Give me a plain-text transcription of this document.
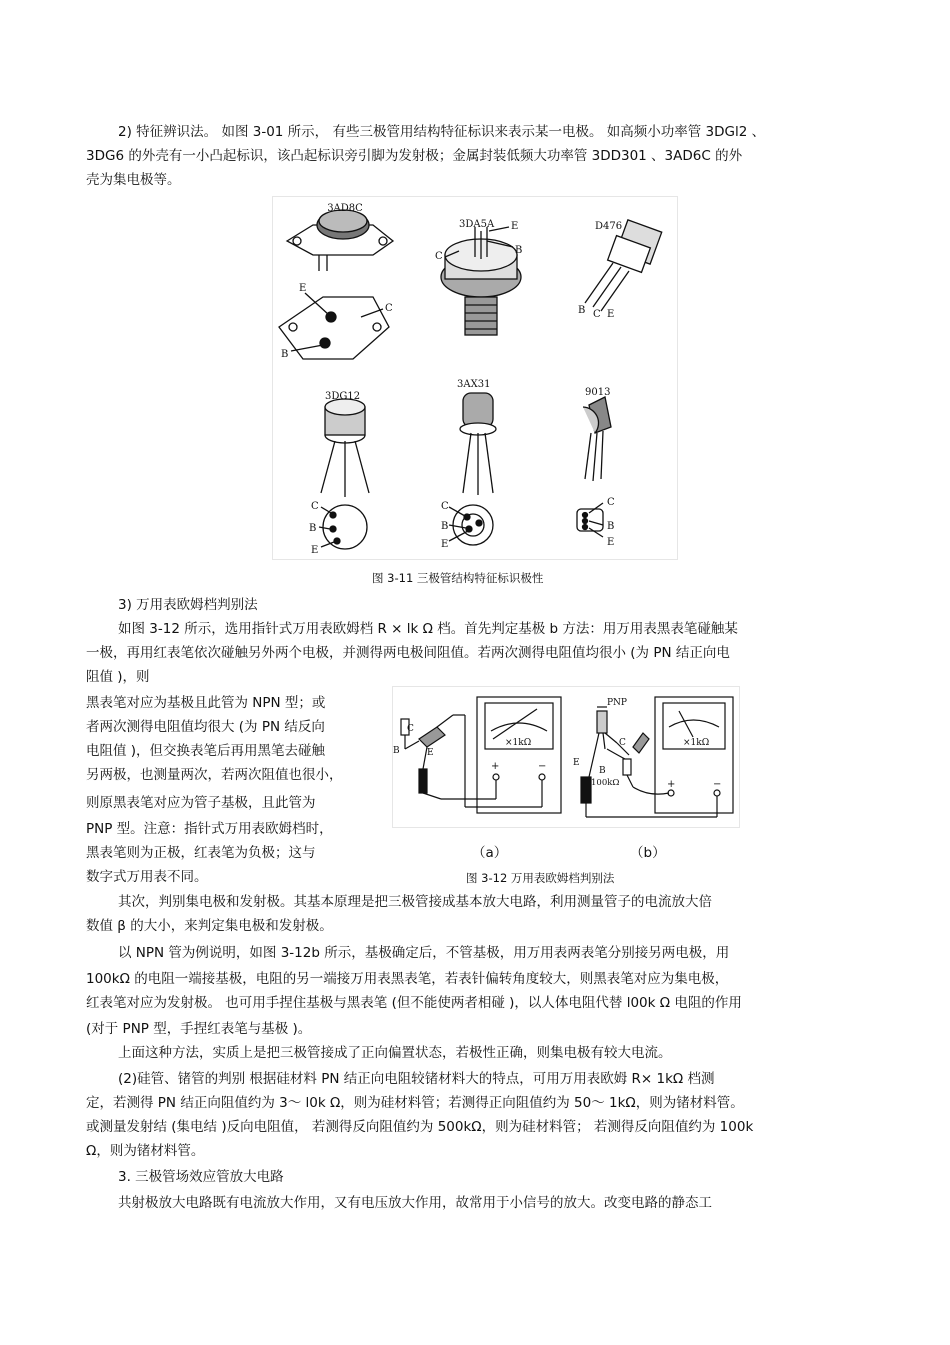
2) 特征辨识法。 如图 3-01 所示， 有些三极管用结构特征标识来表示某一电极。 如高频小功率管 3DGl2 、
3DG6 的外壳有一小凸起标识，该凸起标识旁引脚为发射极；金属封装低频大功率管 3DD301 、3AD6C 的外
壳为集电极等。
3AD8C
3DA5A	D476
3DG12
3AX31
9013
E
B
C
C
E
B
B C E
C
B
E
C
B
E
C
B
E
图 3-11 三极管结构特征标识极性
3) 万用表欧姆档判别法
如图 3-12 所示，选用指针式万用表欧姆档 R × lk Ω 档。首先判定基极 b 方法：用万用表黑表笔碰触某
一极，再用红表笔依次碰触另外两个电极，并测得两电极间阻值。若两次测得电阻值均很小 (为 PN 结正向电
阻值 )，则
黑表笔对应为基极且此管为 NPN 型；或
者两次测得电阻值均很大 (为 PN 结反向
电阻值 )，但交换表笔后再用黑笔去碰触
另两极，也测量两次，若两次阻值也很小，
则原黑表笔对应为管子基极，且此管为
PNP 型。注意：指针式万用表欧姆档时，
黑表笔则为正极，红表笔为负极；这与
数字式万用表不同。
×1kΩ	×1kΩ
+	−
+	−
PNP
100kΩ
C
B	E
E
B
C
（a）	（b）
图 3-12 万用表欧姆档判别法
其次，判别集电极和发射极。其基本原理是把三极管接成基本放大电路，利用测量管子的电流放大倍
数值 β 的大小，来判定集电极和发射极。
以 NPN 管为例说明，如图 3-12b 所示，基极确定后，不管基极，用万用表两表笔分别接另两电极，用
100kΩ 的电阻一端接基极，电阻的另一端接万用表黑表笔，若表针偏转角度较大，则黑表笔对应为集电极，
红表笔对应为发射极。 也可用手捏住基极与黑表笔 (但不能使两者相碰 )，以人体电阻代替 l00k Ω 电阻的作用
(对于 PNP 型，手捏红表笔与基极 )。
上面这种方法，实质上是把三极管接成了正向偏置状态，若极性正确，则集电极有较大电流。
(2)硅管、锗管的判别 根据硅材料 PN 结正向电阻较锗材料大的特点，可用万用表欧姆 R× 1kΩ 档测
定，若测得 PN 结正向阻值约为 3～ l0k Ω，则为硅材料管；若测得正向阻值约为 50～ 1kΩ，则为锗材料管。
或测量发射结 (集电结 )反向电阻值， 若测得反向阻值约为 500kΩ，则为硅材料管； 若测得反向阻值约为 100k
Ω，则为锗材料管。
3. 三极管场效应管放大电路
共射极放大电路既有电流放大作用，又有电压放大作用，故常用于小信号的放大。改变电路的静态工
